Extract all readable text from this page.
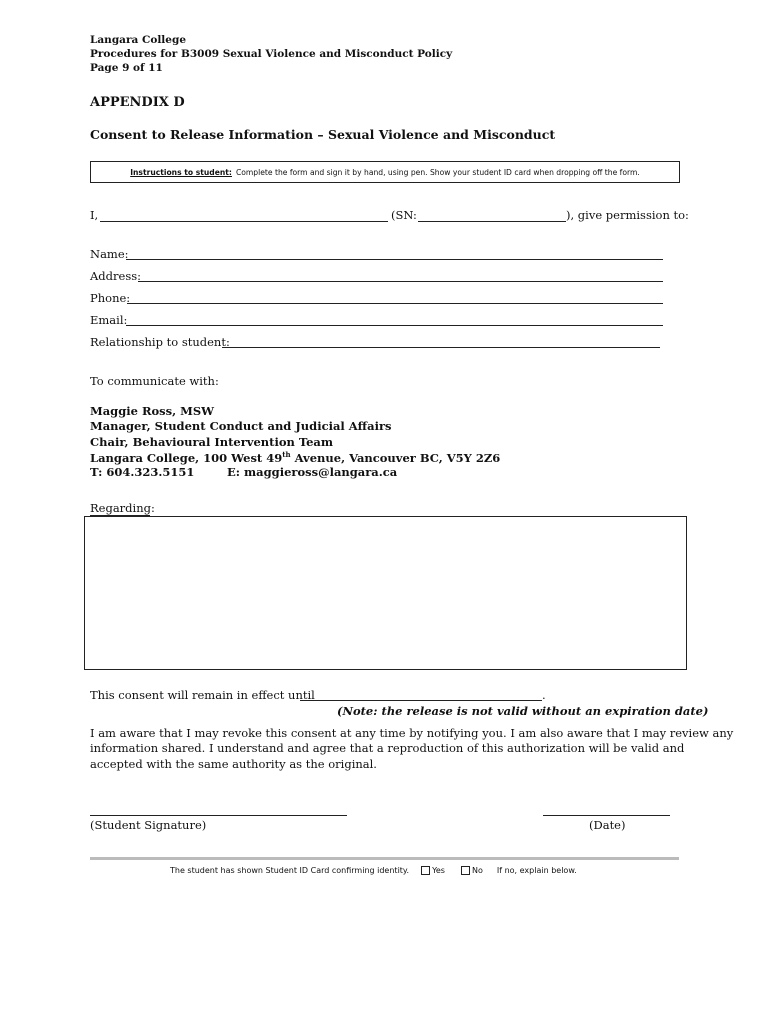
Langara College
Procedures for B3009 Sexual Violence and Misconduct Policy
Page 9 of 11
APPENDIX D
Consent to Release Information – Sexual Violence and Misconduct
Instructions to student: Complete the form and sign it by hand, using pen. Show your student ID card when dropping off the form.
I,	(SN:	), give permission to:
Name:
Address:
Phone:
Email:
Relationship to student:
To communicate with:
Maggie Ross, MSW
Manager, Student Conduct and Judicial Affairs
Chair, Behavioural Intervention Team
Langara College, 100 West 49th Avenue, Vancouver BC, V5Y 2Z6
T: 604.323.5151	E: maggieross@langara.ca
Regarding:
This consent will remain in effect until	.
(Note: the release is not valid without an expiration date)
I am aware that I may revoke this consent at any time by notifying you. I am also aware that I may review any
information shared. I understand and agree that a reproduction of this authorization will be valid and
accepted with the same authority as the original.
(Student Signature)	(Date)
The student has shown Student ID Card confirming identity.	Yes	No If no, explain below.
